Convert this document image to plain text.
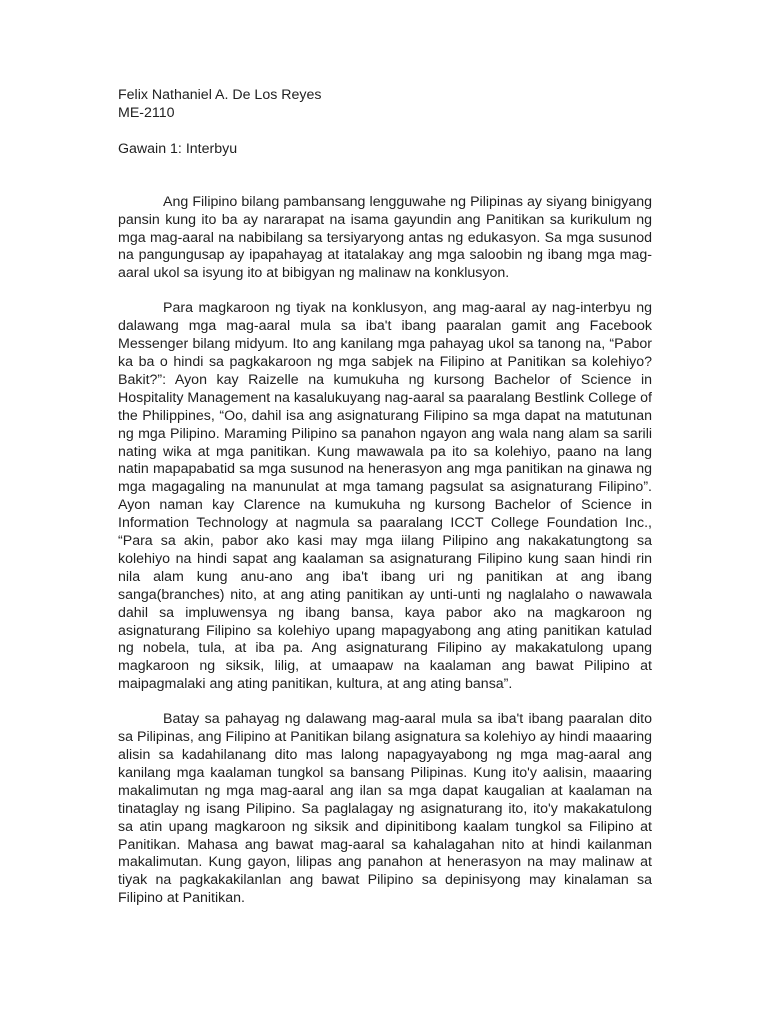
Felix Nathaniel A. De Los Reyes

ME-2110

Gawain 1: Interbyu

Ang Filipino bilang pambansang lengguwahe ng Pilipinas ay siyang binigyang pansin kung ito ba ay nararapat na isama gayundin ang Panitikan sa kurikulum ng mga mag-aaral na nabibilang sa tersiyaryong antas ng edukasyon. Sa mga susunod na pangungusap ay ipapahayag at itatalakay ang mga saloobin ng ibang mga mag-aaral ukol sa isyung ito at bibigyan ng malinaw na konklusyon.

Para magkaroon ng tiyak na konklusyon, ang mag-aaral ay nag-interbyu ng dalawang mga mag-aaral mula sa iba't ibang paaralan gamit ang Facebook Messenger bilang midyum. Ito ang kanilang mga pahayag ukol sa tanong na, “Pabor ka ba o hindi sa pagkakaroon ng mga sabjek na Filipino at Panitikan sa kolehiyo?Bakit?”: Ayon kay Raizelle na kumukuha ng kursong Bachelor of Science in Hospitality Management na kasalukuyang nag-aaral sa paaralang Bestlink College of the Philippines, “Oo, dahil isa ang asignaturang Filipino sa mga dapat na matutunan ng mga Pilipino. Maraming Pilipino sa panahon ngayon ang wala nang alam sa sarili nating wika at mga panitikan. Kung mawawala pa ito sa kolehiyo, paano na lang natin mapapabatid sa mga susunod na henerasyon ang mga panitikan na ginawa ng mga magagaling na manunulat at mga tamang pagsulat sa asignaturang Filipino”. Ayon naman kay Clarence na kumukuha ng kursong Bachelor of Science in Information Technology at nagmula sa paaralang ICCT College Foundation Inc., “Para sa akin, pabor ako kasi may mga iilang Pilipino ang nakakatungtong sa kolehiyo na hindi sapat ang kaalaman sa asignaturang Filipino kung saan hindi rin nila alam kung anu-ano ang iba't ibang uri ng panitikan at ang ibang sanga(branches) nito, at ang ating panitikan ay unti-unti ng naglalaho o nawawala dahil sa impluwensya ng ibang bansa, kaya pabor ako na magkaroon ng asignaturang Filipino sa kolehiyo upang mapagyabong ang ating panitikan katulad ng nobela, tula, at iba pa. Ang asignaturang Filipino ay makakatulong upang magkaroon ng siksik, lilig, at umaapaw na kaalaman ang bawat Pilipino at maipagmalaki ang ating panitikan, kultura, at ang ating bansa”.

Batay sa pahayag ng dalawang mag-aaral mula sa iba't ibang paaralan dito sa Pilipinas, ang Filipino at Panitikan bilang asignatura sa kolehiyo ay hindi maaaring alisin sa kadahilanang dito mas lalong napagyayabong ng mga mag-aaral ang kanilang mga kaalaman tungkol sa bansang Pilipinas. Kung ito'y aalisin, maaaring makalimutan ng mga mag-aaral ang ilan sa mga dapat kaugalian at kaalaman na tinataglay ng isang Pilipino. Sa paglalagay ng asignaturang ito, ito'y makakatulong sa atin upang magkaroon ng siksik and dipinitibong kaalam tungkol sa Filipino at Panitikan. Mahasa ang bawat mag-aaral sa kahalagahan nito at hindi kailanman makalimutan. Kung gayon, lilipas ang panahon at henerasyon na may malinaw at tiyak na pagkakakilanlan ang bawat Pilipino sa depinisyong may kinalaman sa Filipino at Panitikan.
